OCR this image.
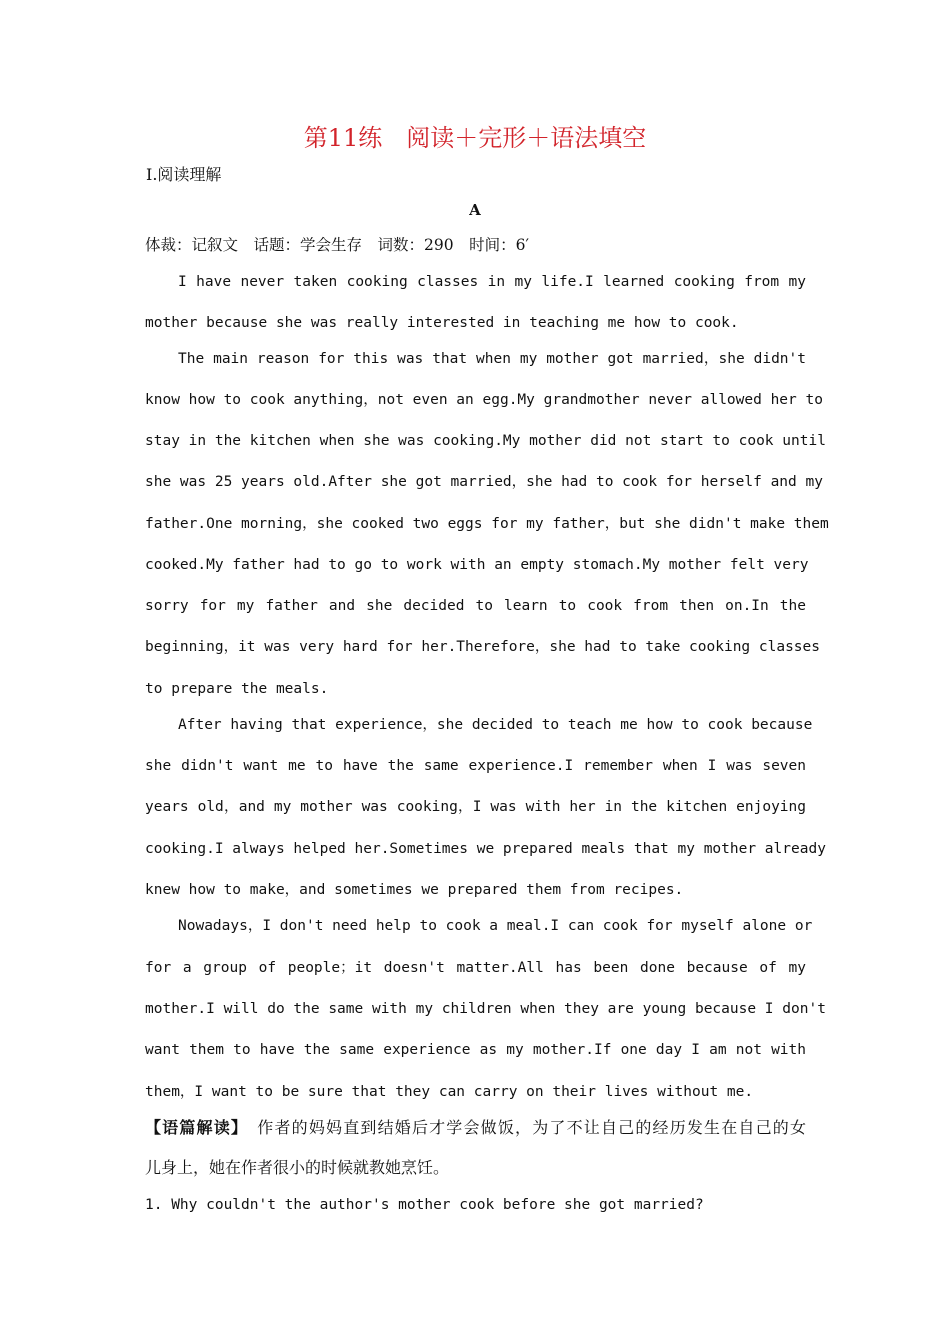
第11练　阅读＋完形＋语法填空
Ⅰ.阅读理解
A
体裁：记叙文　话题：学会生存　词数：290　时间：6′
I have never taken cooking classes in my life.I learned cooking from my
mother because she was really interested in teaching me how to cook.
The main reason for this was that when my mother got married，she didn't
know how to cook anything，not even an egg.My grandmother never allowed her to
stay in the kitchen when she was cooking.My mother did not start to cook until
she was 25 years old.After she got married，she had to cook for herself and my
father.One morning，she cooked two eggs for my father，but she didn't make them
cooked.My father had to go to work with an empty stomach.My mother felt very
sorry for my father and she decided to learn to cook from then on.In the
beginning，it was very hard for her.Therefore，she had to take cooking classes
to prepare the meals.
After having that experience，she decided to teach me how to cook because
she didn't want me to have the same experience.I remember when I was seven
years old，and my mother was cooking，I was with her in the kitchen enjoying
cooking.I always helped her.Sometimes we prepared meals that my mother already
knew how to make，and sometimes we prepared them from recipes.
Nowadays，I don't need help to cook a meal.I can cook for myself alone or
for a group of people；it doesn't matter.All has been done because of my
mother.I will do the same with my children when they are young because I don't
want them to have the same experience as my mother.If one day I am not with
them，I want to be sure that they can carry on their lives without me.
【语篇解读】　作者的妈妈直到结婚后才学会做饭，为了不让自己的经历发生在自己的女
儿身上，她在作者很小的时候就教她烹饪。
1. Why couldn't the author's mother cook before she got married?
